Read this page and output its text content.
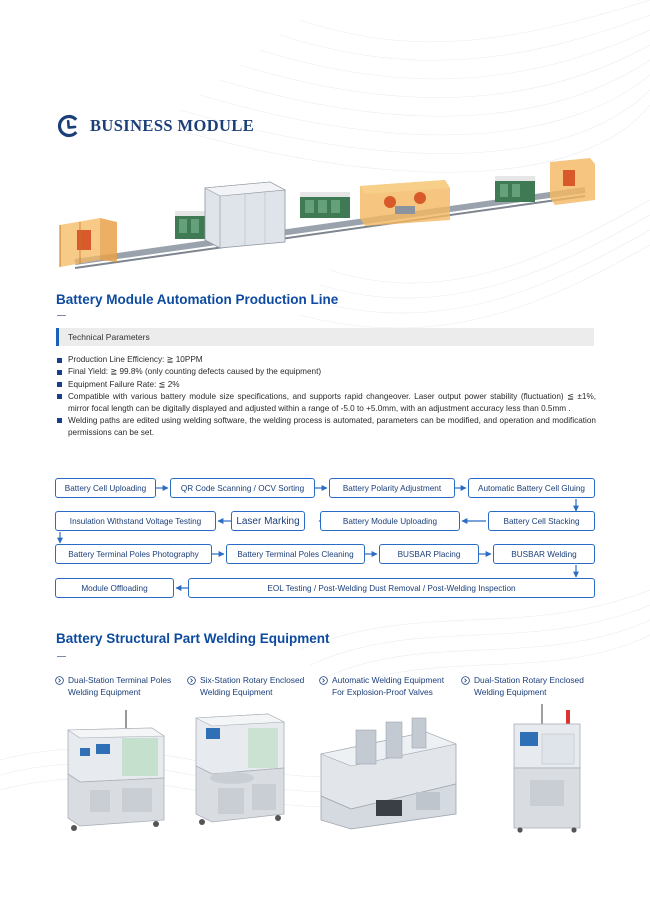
BUSINESS MODULE
Battery Module Automation Production Line
Technical Parameters
Production Line Efficiency: ≧ 10PPM
Final Yield: ≧ 99.8% (only counting defects caused by the equipment)
Equipment Failure Rate: ≦ 2%
Compatible with various battery module size specifications, and supports rapid changeover. Laser output power stability (fluctuation) ≦ ±1%, mirror focal length can be digitally displayed and adjusted within a range of -5.0 to +5.0mm, with an adjustment accuracy less than 0.5mm .
Welding paths are edited using welding software, the welding process is automated, parameters can be modified, and operation and modification permissions can be set.
Battery Cell Uploading	QR Code Scanning / OCV Sorting	Battery Polarity Adjustment	Automatic Battery Cell Gluing
Insulation Withstand Voltage Testing	Laser Marking	Battery Module Uploading	Battery Cell Stacking
Battery Terminal Poles Photography	Battery Terminal Poles Cleaning	BUSBAR Placing	BUSBAR Welding
Module Offloading	EOL Testing / Post-Welding Dust Removal / Post-Welding Inspection
Battery Structural Part Welding Equipment
Dual-Station Terminal Poles
Welding Equipment
Six-Station Rotary Enclosed
Welding Equipment
Automatic Welding Equipment
For Explosion-Proof Valves
Dual-Station Rotary Enclosed
Welding Equipment
